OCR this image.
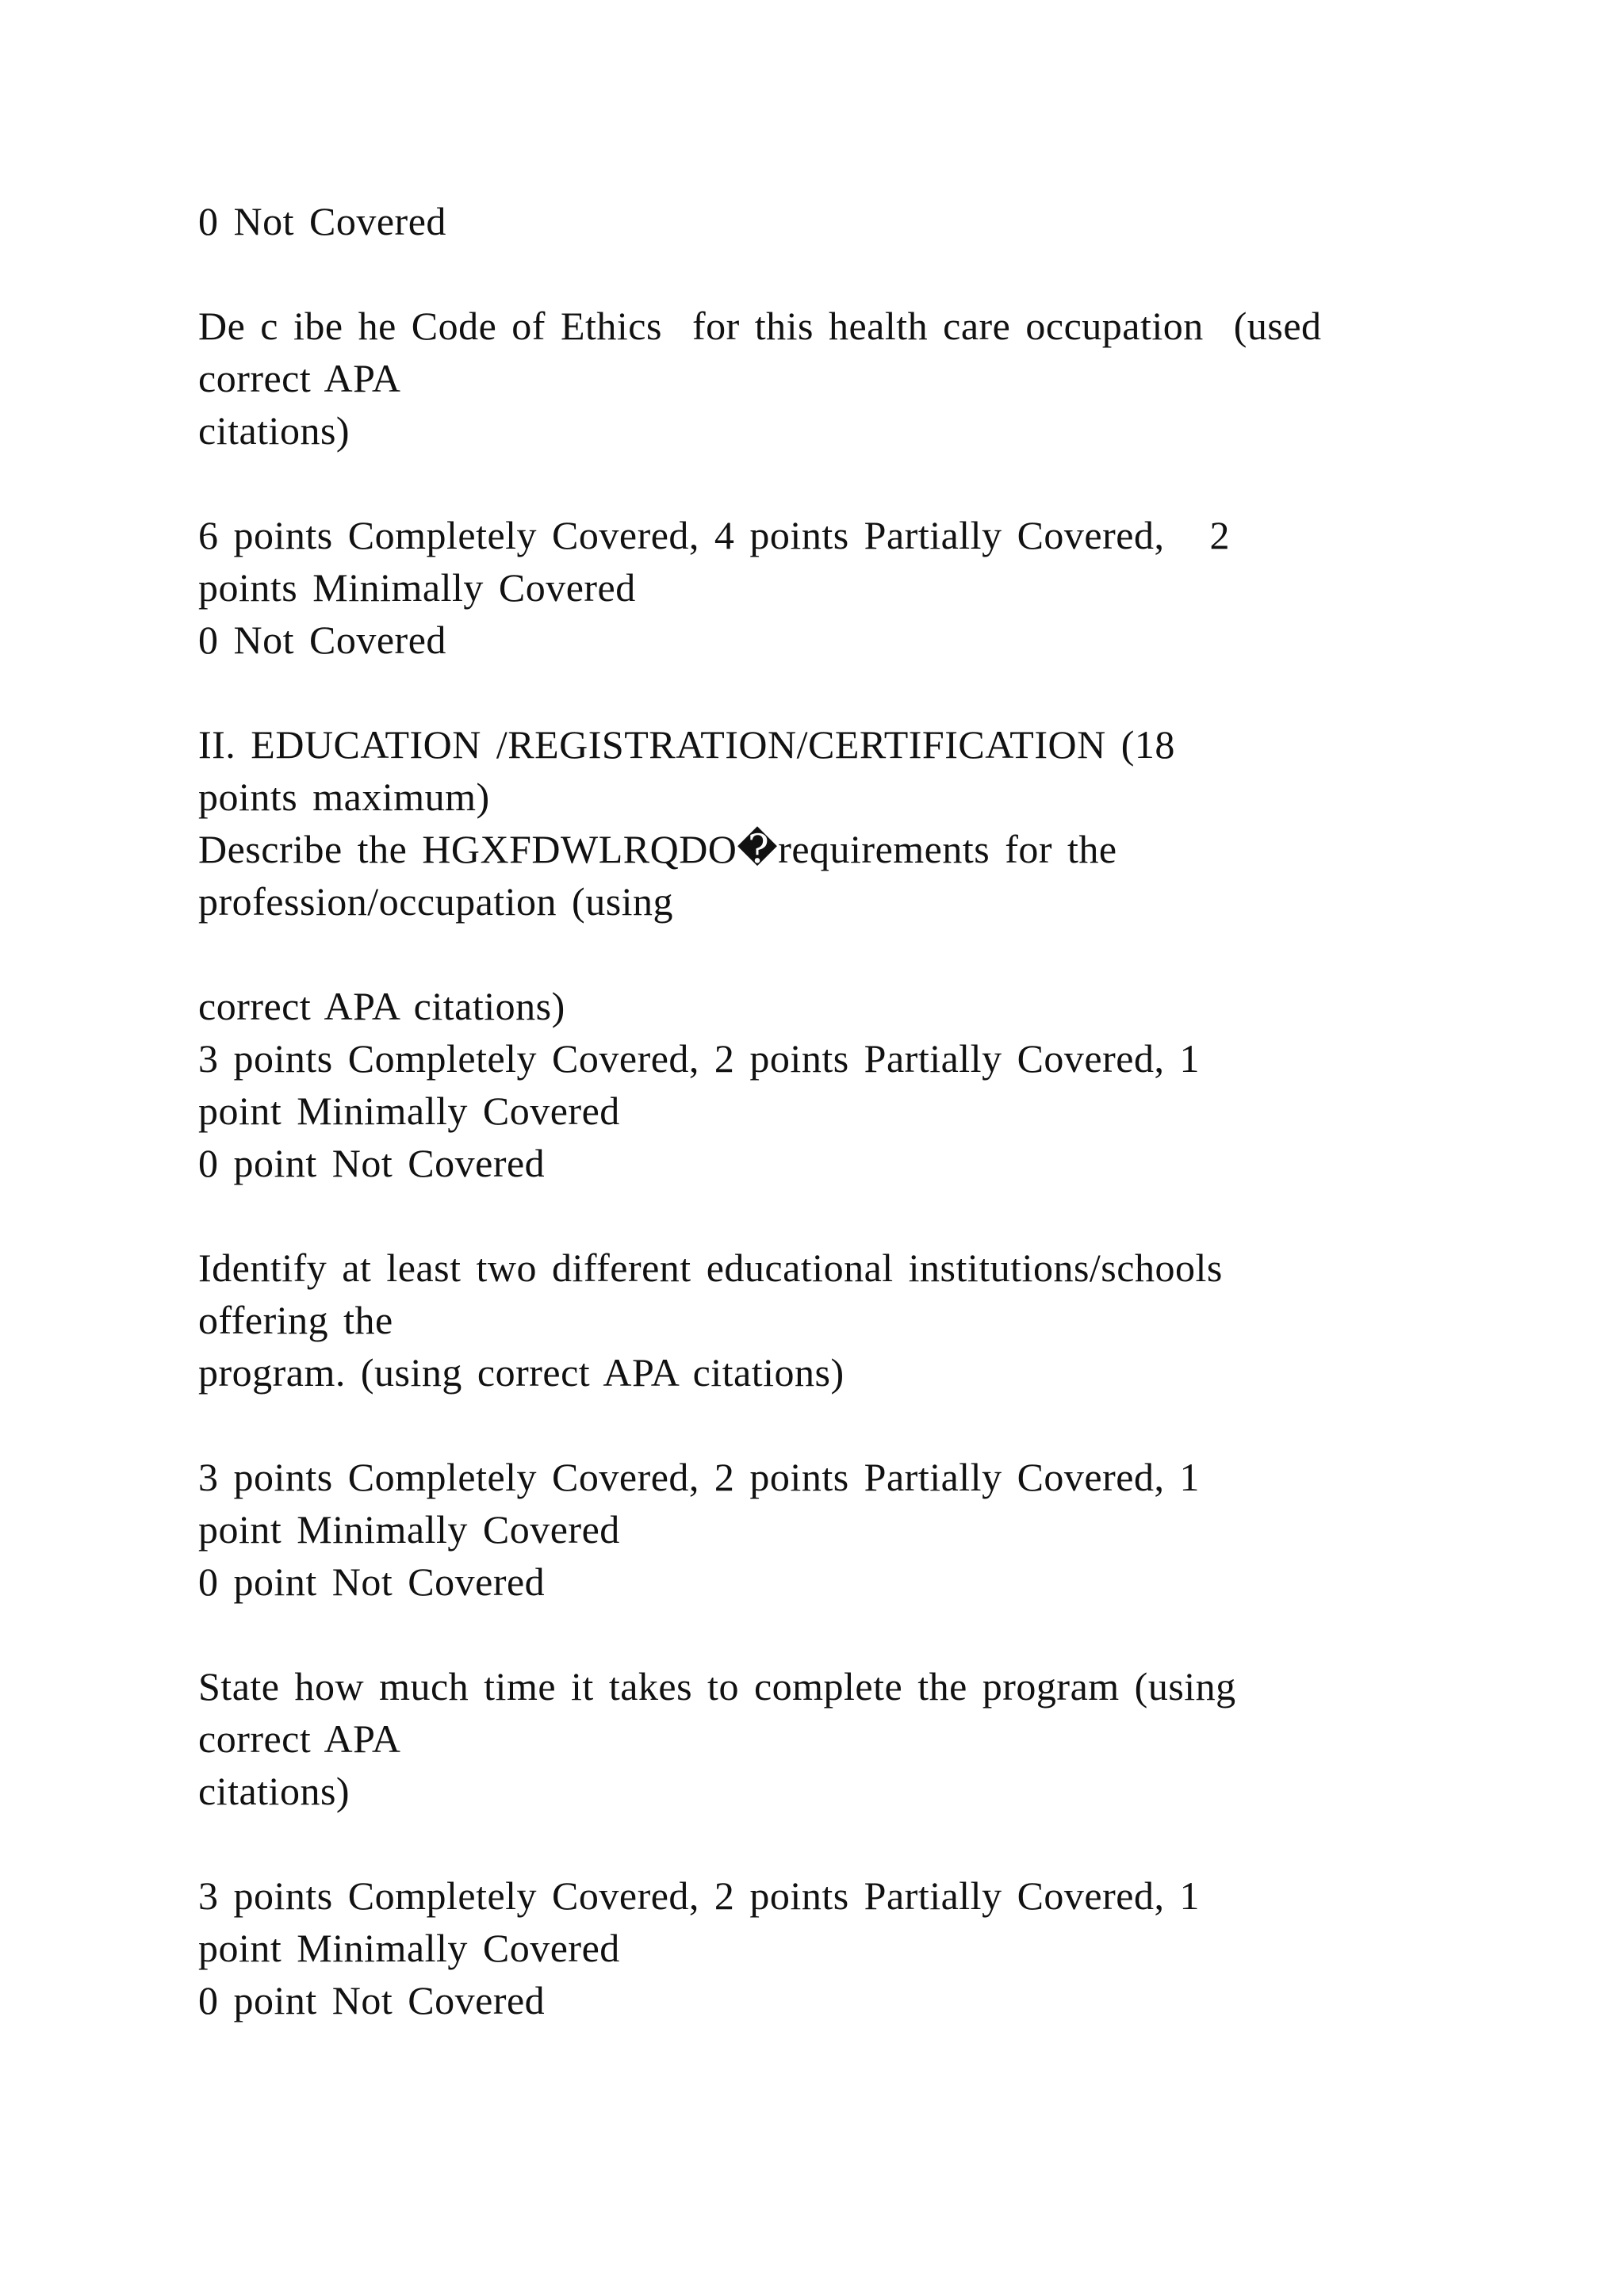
0 Not Covered

De c ibe he Code of Ethics  for this health care occupation  (used

correct APA

citations)

6 points Completely Covered, 4 points Partially Covered,   2

points Minimally Covered

0 Not Covered

II. EDUCATION /REGISTRATION/CERTIFICATION (18

points maximum)

Describe the HGXFDWLRQDO�requirements for the

profession/occupation (using

correct APA citations)

3 points Completely Covered, 2 points Partially Covered, 1

point Minimally Covered

0 point Not Covered

Identify at least two different educational institutions/schools

offering the

program. (using correct APA citations)

3 points Completely Covered, 2 points Partially Covered, 1

point Minimally Covered

0 point Not Covered

State how much time it takes to complete the program (using

correct APA

citations)

3 points Completely Covered, 2 points Partially Covered, 1

point Minimally Covered

0 point Not Covered
